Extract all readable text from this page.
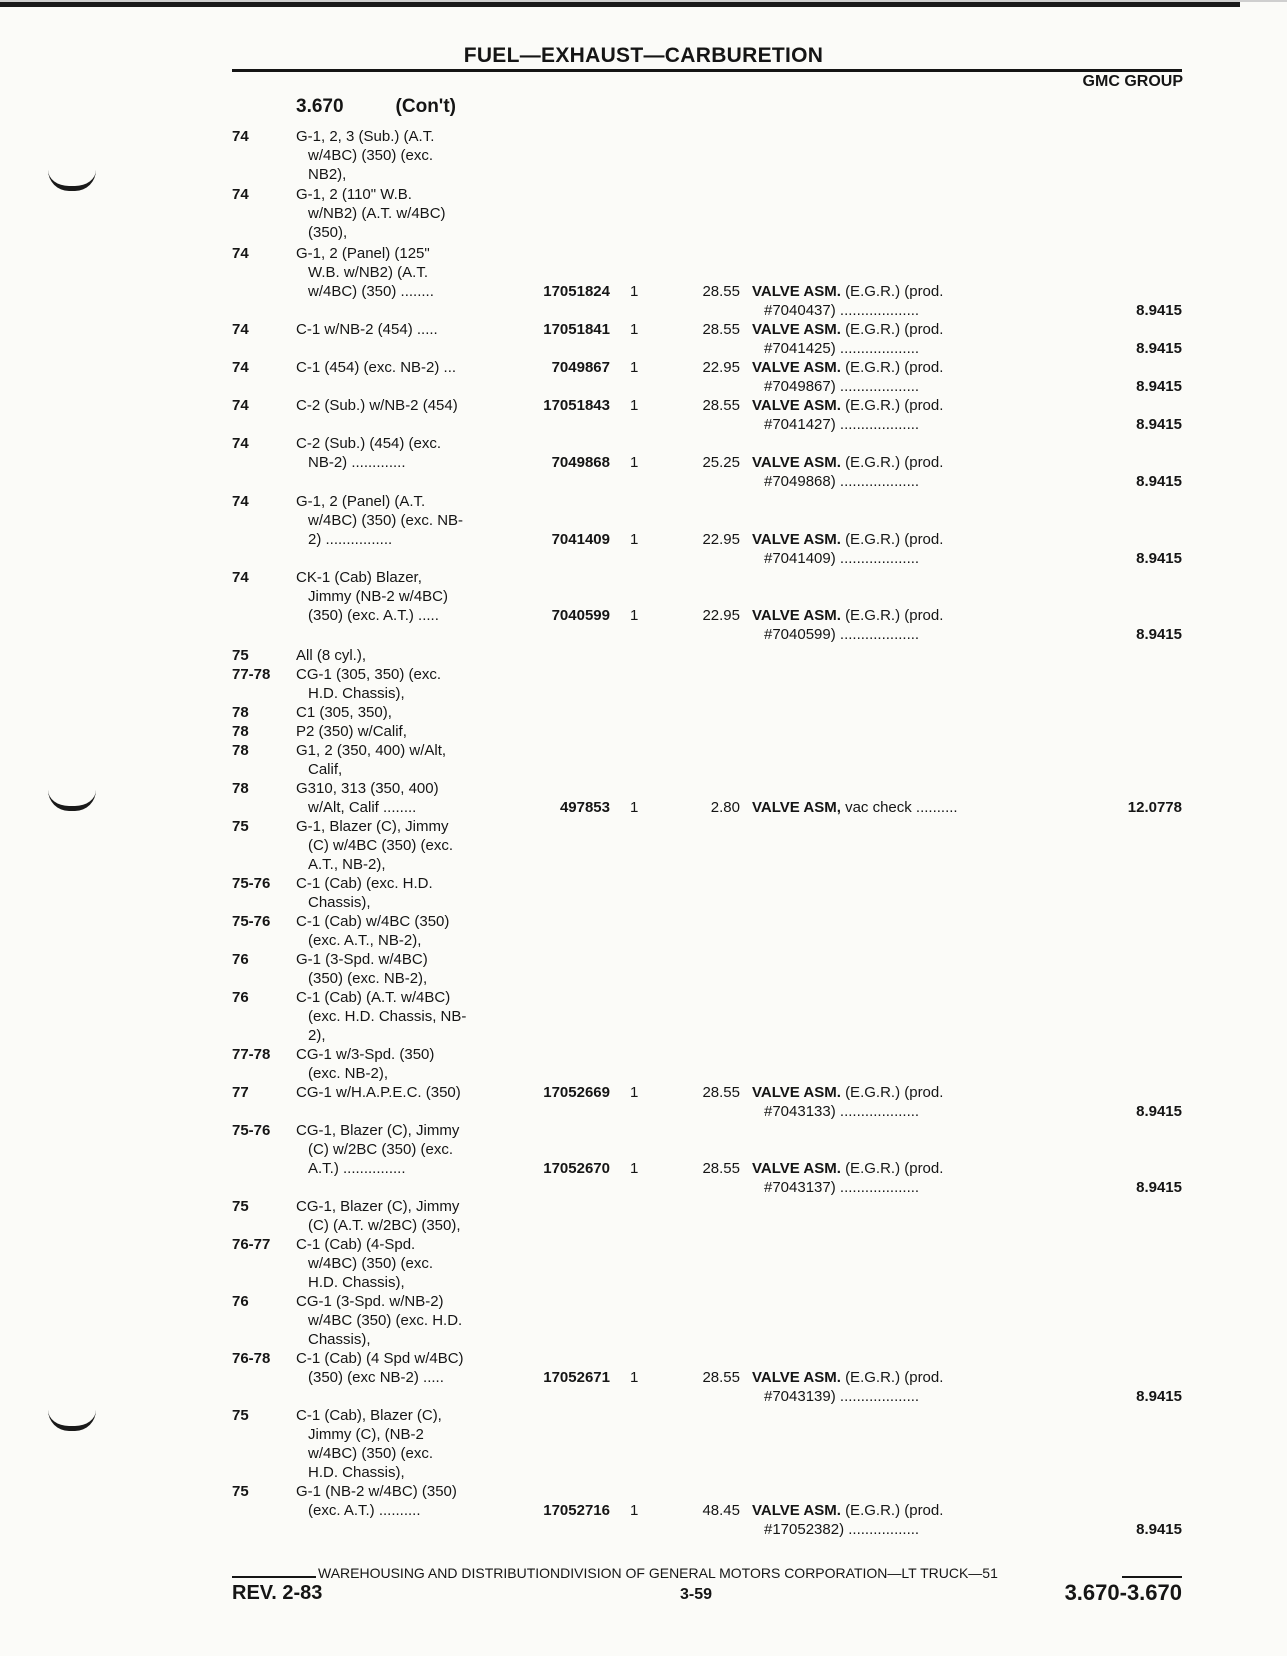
FUEL—EXHAUST—CARBURETION
GMC GROUP
3.670	(Con't)
74	G-1, 2, 3 (Sub.) (A.T.
w/4BC) (350) (exc.
NB2),
74	G-1, 2 (110" W.B.
w/NB2) (A.T. w/4BC)
(350),
74	G-1, 2 (Panel) (125"
W.B. w/NB2) (A.T.
w/4BC) (350) ........	17051824 1	28.55 VALVE ASM. (E.G.R.) (prod.
#7040437) ...................	8.9415
74	C-1 w/NB-2 (454) .....	17051841 1	28.55 VALVE ASM. (E.G.R.) (prod.
#7041425) ...................	8.9415
74	C-1 (454) (exc. NB-2) ...	7049867 1	22.95 VALVE ASM. (E.G.R.) (prod.
#7049867) ...................	8.9415
74	C-2 (Sub.) w/NB-2 (454)	17051843 1	28.55 VALVE ASM. (E.G.R.) (prod.
#7041427) ...................	8.9415
74	C-2 (Sub.) (454) (exc.
NB-2) .............	7049868 1	25.25 VALVE ASM. (E.G.R.) (prod.
#7049868) ...................	8.9415
74	G-1, 2 (Panel) (A.T.
w/4BC) (350) (exc. NB-
2) ................	7041409 1	22.95 VALVE ASM. (E.G.R.) (prod.
#7041409) ...................	8.9415
74	CK-1 (Cab) Blazer,
Jimmy (NB-2 w/4BC)
(350) (exc. A.T.) .....	7040599 1	22.95 VALVE ASM. (E.G.R.) (prod.
#7040599) ...................	8.9415
75	All (8 cyl.),
77-78 CG-1 (305, 350) (exc.
H.D. Chassis),
78	C1 (305, 350),
78	P2 (350) w/Calif,
78	G1, 2 (350, 400) w/Alt,
Calif,
78	G310, 313 (350, 400)
w/Alt, Calif ........	497853 1	2.80 VALVE ASM, vac check ..........	12.0778
75	G-1, Blazer (C), Jimmy
(C) w/4BC (350) (exc.
A.T., NB-2),
75-76 C-1 (Cab) (exc. H.D.
Chassis),
75-76 C-1 (Cab) w/4BC (350)
(exc. A.T., NB-2),
76	G-1 (3-Spd. w/4BC)
(350) (exc. NB-2),
76	C-1 (Cab) (A.T. w/4BC)
(exc. H.D. Chassis, NB-
2),
77-78 CG-1 w/3-Spd. (350)
(exc. NB-2),
77	CG-1 w/H.A.P.E.C. (350)	17052669 1	28.55 VALVE ASM. (E.G.R.) (prod.
#7043133) ...................	8.9415
75-76 CG-1, Blazer (C), Jimmy
(C) w/2BC (350) (exc.
A.T.) ...............	17052670 1	28.55 VALVE ASM. (E.G.R.) (prod.
#7043137) ...................	8.9415
75	CG-1, Blazer (C), Jimmy
(C) (A.T. w/2BC) (350),
76-77 C-1 (Cab) (4-Spd.
w/4BC) (350) (exc.
H.D. Chassis),
76	CG-1 (3-Spd. w/NB-2)
w/4BC (350) (exc. H.D.
Chassis),
76-78 C-1 (Cab) (4 Spd w/4BC)
(350) (exc NB-2) .....	17052671 1	28.55 VALVE ASM. (E.G.R.) (prod.
#7043139) ...................	8.9415
75	C-1 (Cab), Blazer (C),
Jimmy (C), (NB-2
w/4BC) (350) (exc.
H.D. Chassis),
75	G-1 (NB-2 w/4BC) (350)
(exc. A.T.) ..........	17052716 1	48.45 VALVE ASM. (E.G.R.) (prod.
#17052382) .................	8.9415
WAREHOUSING AND DISTRIBUTIONDIVISION OF GENERAL MOTORS CORPORATION—LT TRUCK—51
REV. 2-83	3-59	3.670-3.670
